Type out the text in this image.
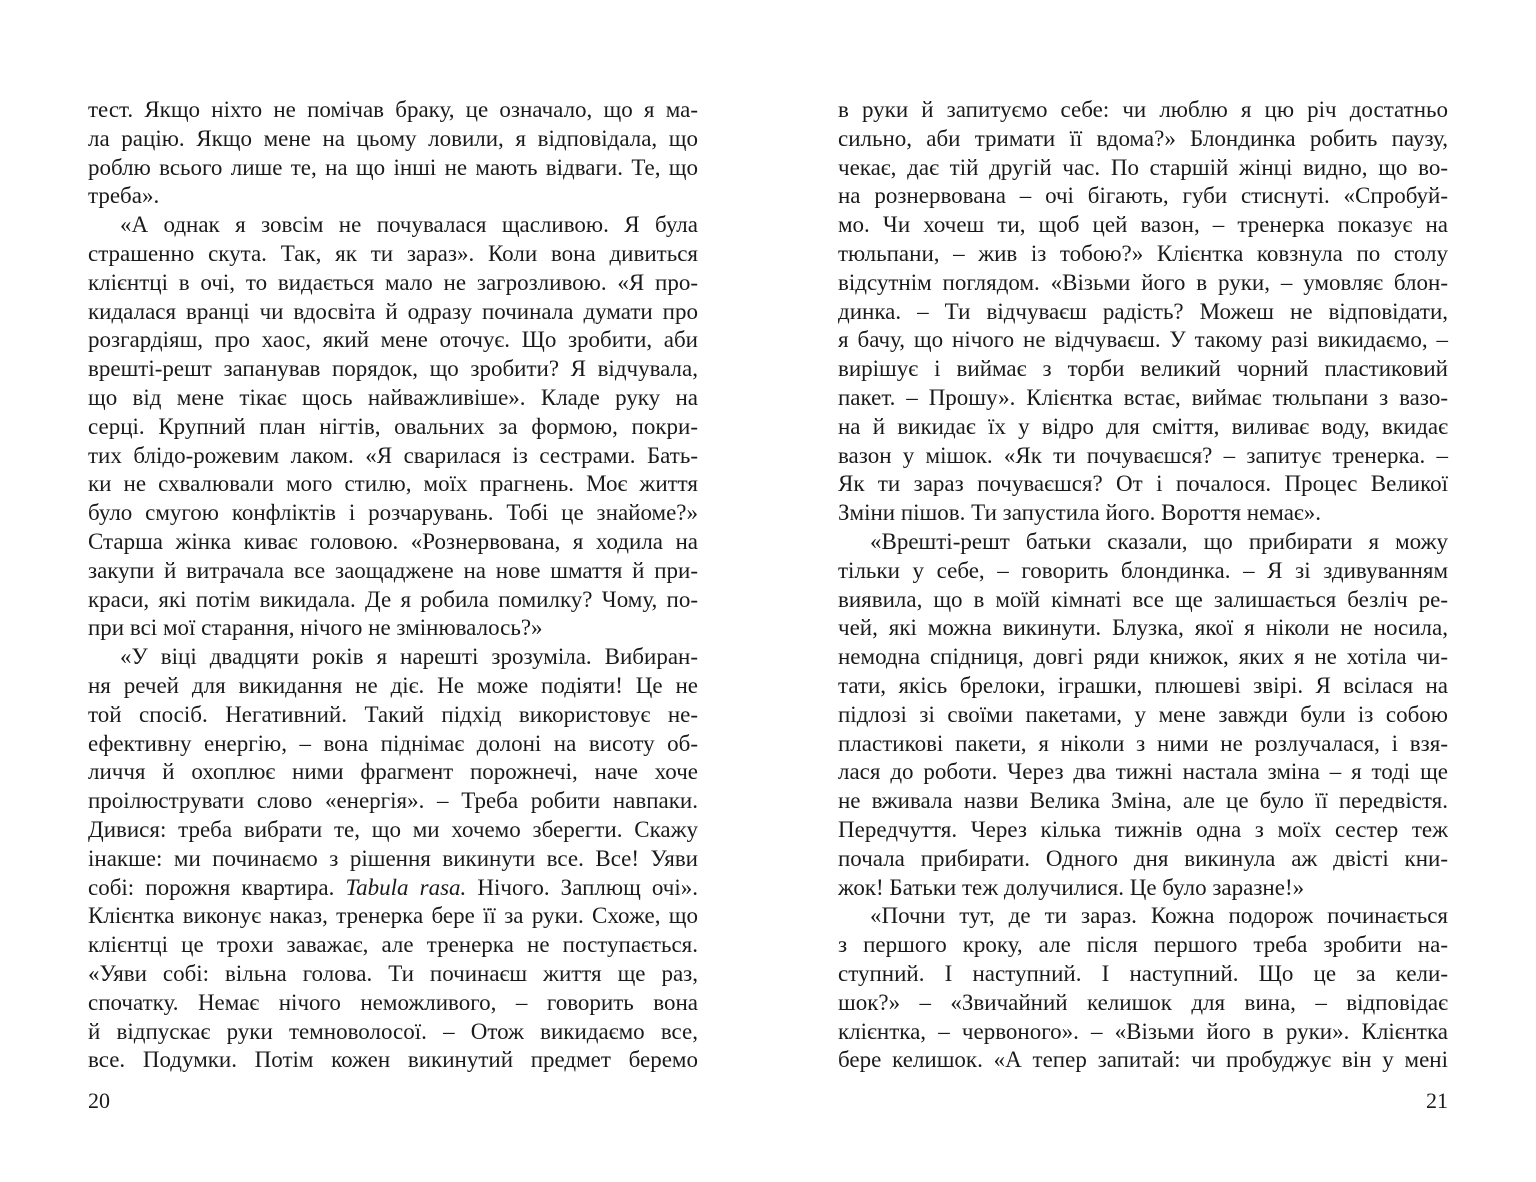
тест. Якщо ніхто не помічав браку, це означало, що я ма-
ла рацію. Якщо мене на цьому ловили, я відповідала, що
роблю всього лише те, на що інші не мають відваги. Те, що
треба».
«А однак я зовсім не почувалася щасливою. Я була
страшенно скута. Так, як ти зараз». Коли вона дивиться
клієнтці в очі, то видається мало не загрозливою. «Я про-
кидалася вранці чи вдосвіта й одразу починала думати про
розгардіяш, про хаос, який мене оточує. Що зробити, аби
врешті-решт запанував порядок, що зробити? Я відчувала,
що від мене тікає щось найважливіше». Кладе руку на
серці. Крупний план нігтів, овальних за формою, покри-
тих блідо-рожевим лаком. «Я сварилася із сестрами. Бать-
ки не схвалювали мого стилю, моїх прагнень. Моє життя
було смугою конфліктів і розчарувань. Тобі це знайоме?»
Старша жінка киває головою. «Рознервована, я ходила на
закупи й витрачала все заощаджене на нове шмаття й при-
краси, які потім викидала. Де я робила помилку? Чому, по-
при всі мої старання, нічого не змінювалось?»
«У віці двадцяти років я нарешті зрозуміла. Вибиран-
ня речей для викидання не діє. Не може подіяти! Це не
той спосіб. Негативний. Такий підхід використовує не-
ефективну енергію, – вона піднімає долоні на висоту об-
личчя й охоплює ними фрагмент порожнечі, наче хоче
проілюструвати слово «енергія». – Треба робити навпаки.
Дивися: треба вибрати те, що ми хочемо зберегти. Скажу
інакше: ми починаємо з рішення викинути все. Все! Уяви
собі: порожня квартира. Tabula rasa. Нічого. Заплющ очі».
Клієнтка виконує наказ, тренерка бере її за руки. Схоже, що
клієнтці це трохи заважає, але тренерка не поступається.
«Уяви собі: вільна голова. Ти починаєш життя ще раз,
спочатку. Немає нічого неможливого, – говорить вона
й відпускає руки темноволосої. – Отож викидаємо все,
все. Подумки. Потім кожен викинутий предмет беремо
20
в руки й запитуємо себе: чи люблю я цю річ достатньо
сильно, аби тримати її вдома?» Блондинка робить паузу,
чекає, дає тій другій час. По старшій жінці видно, що во-
на рознервована – очі бігають, губи стиснуті. «Спробуй-
мо. Чи хочеш ти, щоб цей вазон, – тренерка показує на
тюльпани, – жив із тобою?» Клієнтка ковзнула по столу
відсутнім поглядом. «Візьми його в руки, – умовляє блон-
динка. – Ти відчуваєш радість? Можеш не відповідати,
я бачу, що нічого не відчуваєш. У такому разі викидаємо, –
вирішує і виймає з торби великий чорний пластиковий
пакет. – Прошу». Клієнтка встає, виймає тюльпани з вазо-
на й викидає їх у відро для сміття, виливає воду, вкидає
вазон у мішок. «Як ти почуваєшся? – запитує тренерка. –
Як ти зараз почуваєшся? От і почалося. Процес Великої
Зміни пішов. Ти запустила його. Вороття немає».
«Врешті-решт батьки сказали, що прибирати я можу
тільки у себе, – говорить блондинка. – Я зі здивуванням
виявила, що в моїй кімнаті все ще залишається безліч ре-
чей, які можна викинути. Блузка, якої я ніколи не носила,
немодна спідниця, довгі ряди книжок, яких я не хотіла чи-
тати, якісь брелоки, іграшки, плюшеві звірі. Я всілася на
підлозі зі своїми пакетами, у мене завжди були із собою
пластикові пакети, я ніколи з ними не розлучалася, і взя-
лася до роботи. Через два тижні настала зміна – я тоді ще
не вживала назви Велика Зміна, але це було її передвістя.
Передчуття. Через кілька тижнів одна з моїх сестер теж
почала прибирати. Одного дня викинула аж двісті кни-
жок! Батьки теж долучилися. Це було заразне!»
«Почни тут, де ти зараз. Кожна подорож починається
з першого кроку, але після першого треба зробити на-
ступний. І наступний. І наступний. Що це за кели-
шок?» – «Звичайний келишок для вина, – відповідає
клієнтка, – червоного». – «Візьми його в руки». Клієнтка
бере келишок. «А тепер запитай: чи пробуджує він у мені
21
